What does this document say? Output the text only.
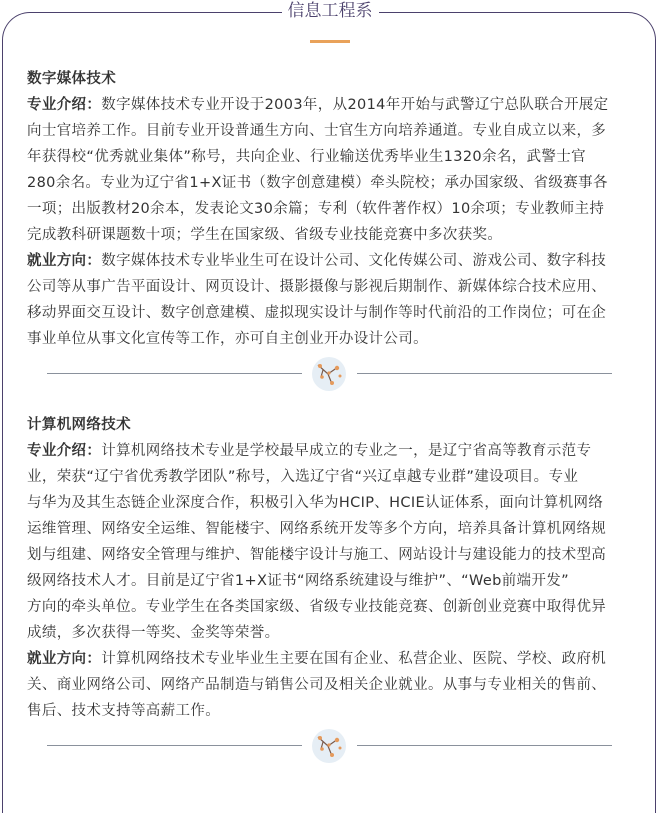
信息工程系
数字媒体技术
专业介绍：数字媒体技术专业开设于2003年，从2014年开始与武警辽宁总队联合开展定
向士官培养工作。目前专业开设普通生方向、士官生方向培养通道。专业自成立以来，多
年获得校“优秀就业集体”称号，共向企业、行业输送优秀毕业生1320余名，武警士官
280余名。专业为辽宁省1+X证书（数字创意建模）牵头院校；承办国家级、省级赛事各
一项；出版教材20余本，发表论文30余篇；专利（软件著作权）10余项；专业教师主持
完成教科研课题数十项；学生在国家级、省级专业技能竞赛中多次获奖。
就业方向：数字媒体技术专业毕业生可在设计公司、文化传媒公司、游戏公司、数字科技
公司等从事广告平面设计、网页设计、摄影摄像与影视后期制作、新媒体综合技术应用、
移动界面交互设计、数字创意建模、虚拟现实设计与制作等时代前沿的工作岗位；可在企
事业单位从事文化宣传等工作，亦可自主创业开办设计公司。
计算机网络技术
专业介绍：计算机网络技术专业是学校最早成立的专业之一，是辽宁省高等教育示范专
业，荣获“辽宁省优秀教学团队”称号，入选辽宁省“兴辽卓越专业群”建设项目。专业
与华为及其生态链企业深度合作，积极引入华为HCIP、HCIE认证体系，面向计算机网络
运维管理、网络安全运维、智能楼宇、网络系统开发等多个方向，培养具备计算机网络规
划与组建、网络安全管理与维护、智能楼宇设计与施工、网站设计与建设能力的技术型高
级网络技术人才。目前是辽宁省1+X证书“网络系统建设与维护”、“Web前端开发”
方向的牵头单位。专业学生在各类国家级、省级专业技能竞赛、创新创业竞赛中取得优异
成绩，多次获得一等奖、金奖等荣誉。
就业方向：计算机网络技术专业毕业生主要在国有企业、私营企业、医院、学校、政府机
关、商业网络公司、网络产品制造与销售公司及相关企业就业。从事与专业相关的售前、
售后、技术支持等高薪工作。
